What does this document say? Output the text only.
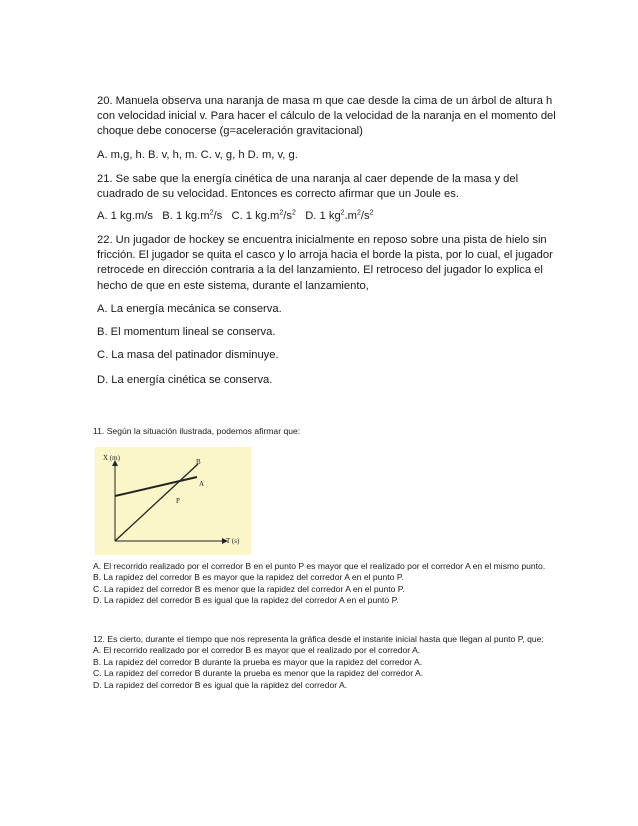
20. Manuela observa una naranja de masa m que cae desde la cima de un árbol de altura h con velocidad inicial v. Para hacer el cálculo de la velocidad de la naranja en el momento del choque debe conocerse (g=aceleración gravitacional)
A. m,g, h. B. v, h, m. C. v, g, h D. m, v, g.
21. Se sabe que la energía cinética de una naranja al caer depende de la masa y del cuadrado de su velocidad. Entonces es correcto afirmar que un Joule es.
A. 1 kg.m/s B. 1 $kg.m^2/s$ C. 1 $kg.m^2/s^2$ D. 1 $kg^2.m^2/s^2$
22. Un jugador de hockey se encuentra inicialmente en reposo sobre una pista de hielo sin fricción. El jugador se quita el casco y lo arroja hacia el borde la pista, por lo cual, el jugador retrocede en dirección contraria a la del lanzamiento. El retroceso del jugador lo explica el hecho de que en este sistema, durante el lanzamiento,
A. La energía mecánica se conserva.
B. El momentum lineal se conserva.
C. La masa del patinador disminuye.
D. La energía cinética se conserva.
11. Según la situación ilustrada, podemos afirmar que:
X (m)
T (s)
B
A
P
A. El recorrido realizado por el corredor B en el punto P es mayor que el realizado por el corredor A en el mismo punto.
B. La rapidez del corredor B es mayor que la rapidez del corredor A en el punto P.
C. La rapidez del corredor B es menor que la rapidez del corredor A en el punto P.
D. La rapidez del corredor B es igual que la rapidez del corredor A en el punto P.
12. Es cierto, durante el tiempo que nos representa la gráfica desde el instante inicial hasta que llegan al punto P, que:
A. El recorrido realizado por el corredor B es mayor que el realizado por el corredor A.
B. La rapidez del corredor B durante la prueba es mayor que la rapidez del corredor A.
C. La rapidez del corredor B durante la prueba es menor que la rapidez del corredor A.
D. La rapidez del corredor B es igual que la rapidez del corredor A.
